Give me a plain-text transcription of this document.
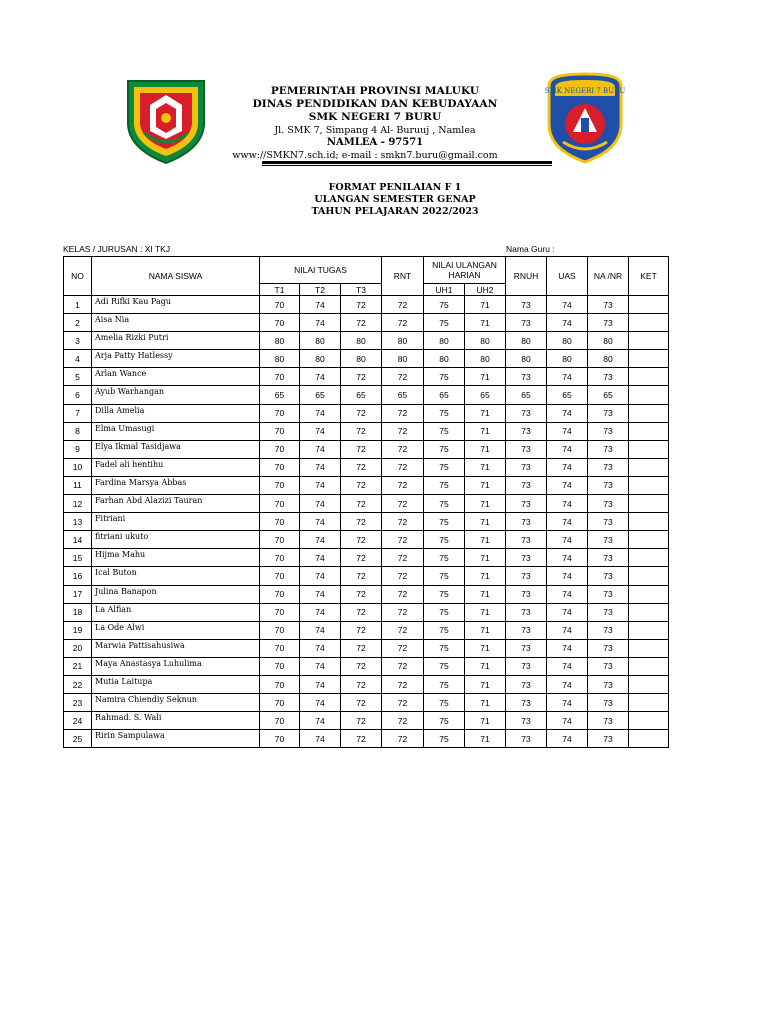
PEMERINTAH PROVINSI MALUKU
DINAS PENDIDIKAN DAN KEBUDAYAAN
SMK NEGERI 7 BURU
Jl. SMK 7, Simpang 4 Al- Buruuj , Namlea
NAMLEA - 97571
www://SMKN7.sch.id; e-mail : smkn7.buru@gmail.com
SMK NEGERI 7 BURU
FORMAT PENILAIAN F 1
ULANGAN SEMESTER GENAP
TAHUN PELAJARAN 2022/2023
KELAS / JURUSAN : XI TKJ	Nama Guru :
NO	NAMA SISWA	NILAI TUGAS			RNT	NILAI ULANGAN HARIAN		RNUH	UAS	NA /NR	KET
		T1	T2	T3		UH1	UH2				
1	Adi Rifki Kau Pagu	70	74	72	72	75	71	73	74	73	
2	Aisa Nia	70	74	72	72	75	71	73	74	73	
3	Amelia Rizki Putri	80	80	80	80	80	80	80	80	80	
4	Arja Patty Hatlessy	80	80	80	80	80	80	80	80	80	
5	Arlan Wance	70	74	72	72	75	71	73	74	73	
6	Ayub Warhangan	65	65	65	65	65	65	65	65	65	
7	Dilla Amelia	70	74	72	72	75	71	73	74	73	
8	Elma Umasugi	70	74	72	72	75	71	73	74	73	
9	Elya Ikmal Tasidjawa	70	74	72	72	75	71	73	74	73	
10	Fadel ali hentihu	70	74	72	72	75	71	73	74	73	
11	Fardina Marsya Abbas	70	74	72	72	75	71	73	74	73	
12	Farhan Abd Alazizi Tauran	70	74	72	72	75	71	73	74	73	
13	Fitriani	70	74	72	72	75	71	73	74	73	
14	fitriani ukuto	70	74	72	72	75	71	73	74	73	
15	Hijma Mahu	70	74	72	72	75	71	73	74	73	
16	Ical Buton	70	74	72	72	75	71	73	74	73	
17	Julina Banapon	70	74	72	72	75	71	73	74	73	
18	La Alfian	70	74	72	72	75	71	73	74	73	
19	La Ode Alwi	70	74	72	72	75	71	73	74	73	
20	Marwia Pattisahusiwa	70	74	72	72	75	71	73	74	73	
21	Maya Anastasya Luhulima	70	74	72	72	75	71	73	74	73	
22	Mutia Laitupa	70	74	72	72	75	71	73	74	73	
23	Namira Chiendiy Seknun	70	74	72	72	75	71	73	74	73	
24	Rahmad. S. Wali	70	74	72	72	75	71	73	74	73	
25	Ririn Sampulawa	70	74	72	72	75	71	73	74	73	
